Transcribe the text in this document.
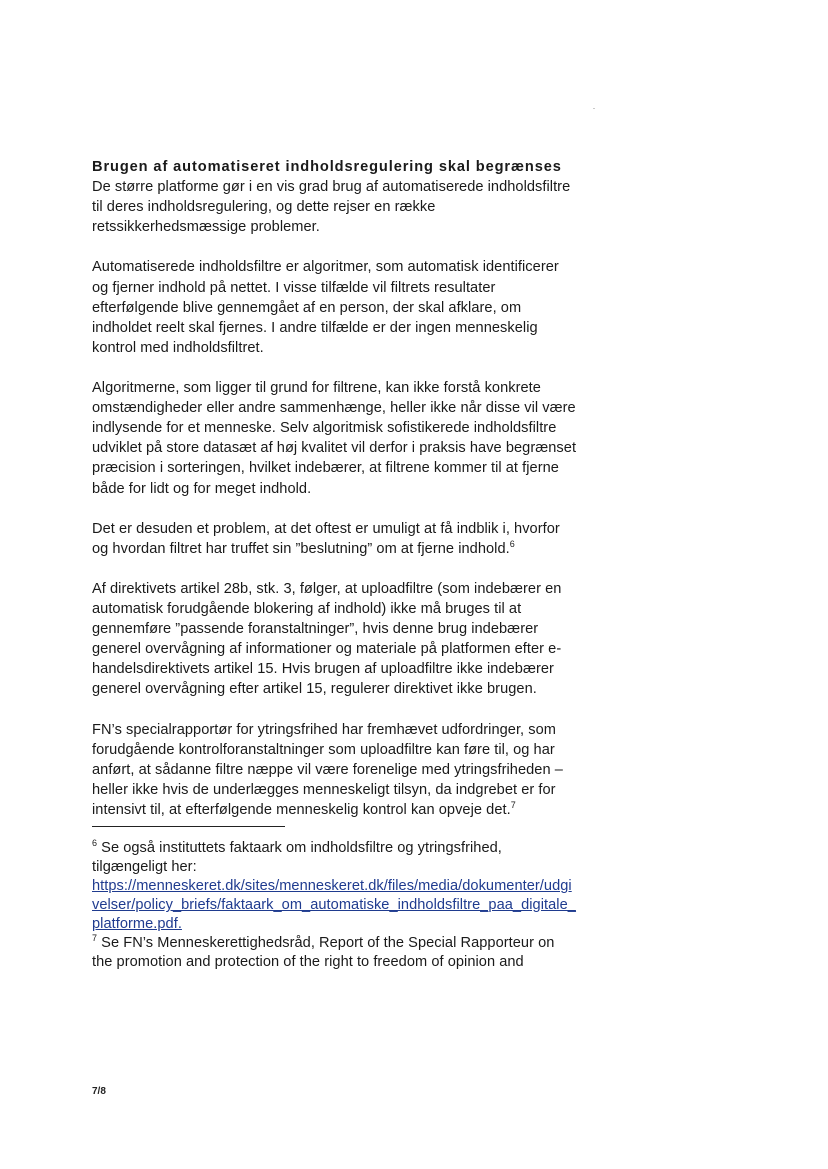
Brugen af automatiseret indholdsregulering skal begrænses

De større platforme gør i en vis grad brug af automatiserede indholdsfiltre til deres indholdsregulering, og dette rejser en række retssikkerhedsmæssige problemer.

Automatiserede indholdsfiltre er algoritmer, som automatisk identificerer og fjerner indhold på nettet. I visse tilfælde vil filtrets resultater efterfølgende blive gennemgået af en person, der skal afklare, om indholdet reelt skal fjernes. I andre tilfælde er der ingen menneskelig kontrol med indholdsfiltret.

Algoritmerne, som ligger til grund for filtrene, kan ikke forstå konkrete omstændigheder eller andre sammenhænge, heller ikke når disse vil være indlysende for et menneske. Selv algoritmisk sofistikerede indholdsfiltre udviklet på store datasæt af høj kvalitet vil derfor i praksis have begrænset præcision i sorteringen, hvilket indebærer, at filtrene kommer til at fjerne både for lidt og for meget indhold.

Det er desuden et problem, at det oftest er umuligt at få indblik i, hvorfor og hvordan filtret har truffet sin ”beslutning” om at fjerne indhold.$^6$

Af direktivets artikel 28b, stk. 3, følger, at uploadfiltre (som indebærer en automatisk forudgående blokering af indhold) ikke må bruges til at gennemføre ”passende foranstaltninger”, hvis denne brug indebærer generel overvågning af informationer og materiale på platformen efter e-handelsdirektivets artikel 15. Hvis brugen af uploadfiltre ikke indebærer generel overvågning efter artikel 15, regulerer direktivet ikke brugen.

FN’s specialrapportør for ytringsfrihed har fremhævet udfordringer, som forudgående kontrolforanstaltninger som uploadfiltre kan føre til, og har anført, at sådanne filtre næppe vil være forenelige med ytringsfriheden – heller ikke hvis de underlægges menneskeligt tilsyn, da indgrebet er for intensivt til, at efterfølgende menneskelig kontrol kan opveje det.$^7$

$^6$ Se også instituttets faktaark om indholdsfiltre og ytringsfrihed, tilgængeligt her:
https://menneskeret.dk/sites/menneskeret.dk/files/media/dokumenter/udgivelser/policy_briefs/faktaark_om_automatiske_indholdsfiltre_paa_digitale_platforme.pdf.

$^7$ Se FN’s Menneskerettighedsråd, Report of the Special Rapporteur on the promotion and protection of the right to freedom of opinion and

7/8
